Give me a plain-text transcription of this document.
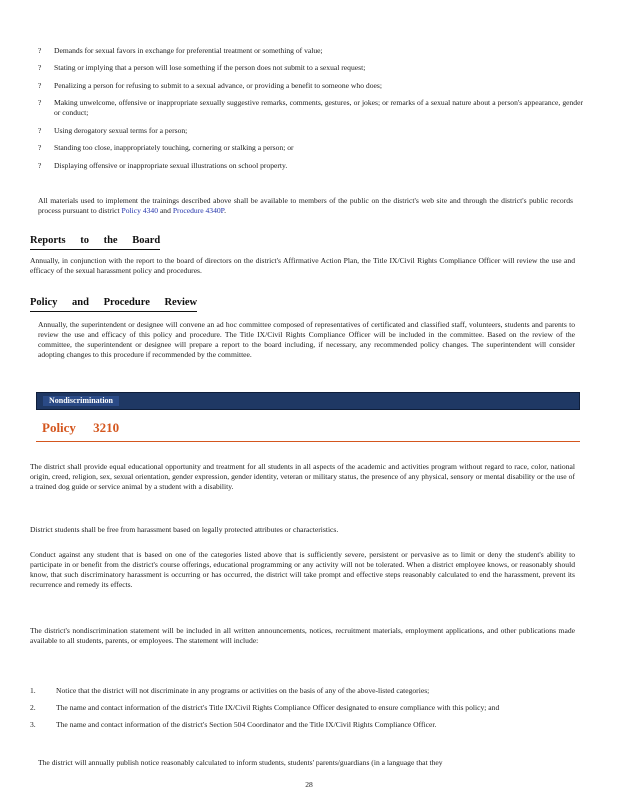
? Demands for sexual favors in exchange for preferential treatment or something of value;
? Stating or implying that a person will lose something if the person does not submit to a sexual request;
? Penalizing a person for refusing to submit to a sexual advance, or providing a benefit to someone who does;
? Making unwelcome, offensive or inappropriate sexually suggestive remarks, comments, gestures, or jokes; or remarks of a sexual nature about a person's appearance, gender or conduct;
? Using derogatory sexual terms for a person;
? Standing too close, inappropriately touching, cornering or stalking a person; or
? Displaying offensive or inappropriate sexual illustrations on school property.

All materials used to implement the trainings described above shall be available to members of the public on the district's web site and through the district's public records process pursuant to district Policy 4340 and Procedure 4340P.

Reports to the Board

Annually, in conjunction with the report to the board of directors on the district's Affirmative Action Plan, the Title IX/Civil Rights Compliance Officer will review the use and efficacy of the sexual harassment policy and procedures.

Policy and Procedure Review

Annually, the superintendent or designee will convene an ad hoc committee composed of representatives of certificated and classified staff, volunteers, students and parents to review the use and efficacy of this policy and procedure. The Title IX/Civil Rights Compliance Officer will be included in the committee. Based on the review of the committee, the superintendent or designee will prepare a report to the board including, if necessary, any recommended policy changes. The superintendent will consider adopting changes to this procedure if recommended by the committee.

Nondiscrimination
Policy 3210

The district shall provide equal educational opportunity and treatment for all students in all aspects of the academic and activities program without regard to race, color, national origin, creed, religion, sex, sexual orientation, gender expression, gender identity, veteran or military status, the presence of any physical, sensory or mental disability or the use of a trained dog guide or service animal by a student with a disability.

District students shall be free from harassment based on legally protected attributes or characteristics.

Conduct against any student that is based on one of the categories listed above that is sufficiently severe, persistent or pervasive as to limit or deny the student's ability to participate in or benefit from the district's course offerings, educational programming or any activity will not be tolerated. When a district employee knows, or reasonably should know, that such discriminatory harassment is occurring or has occurred, the district will take prompt and effective steps reasonably calculated to end the harassment, prevent its recurrence and remedy its effects.

The district's nondiscrimination statement will be included in all written announcements, notices, recruitment materials, employment applications, and other publications made available to all students, parents, or employees. The statement will include:

1.	Notice that the district will not discriminate in any programs or activities on the basis of any of the above-listed categories;
2.	The name and contact information of the district's Title IX/Civil Rights Compliance Officer designated to ensure compliance with this policy; and
3.	The name and contact information of the district's Section 504 Coordinator and the Title IX/Civil Rights Compliance Officer.

The district will annually publish notice reasonably calculated to inform students, students' parents/guardians (in a language that they

28
